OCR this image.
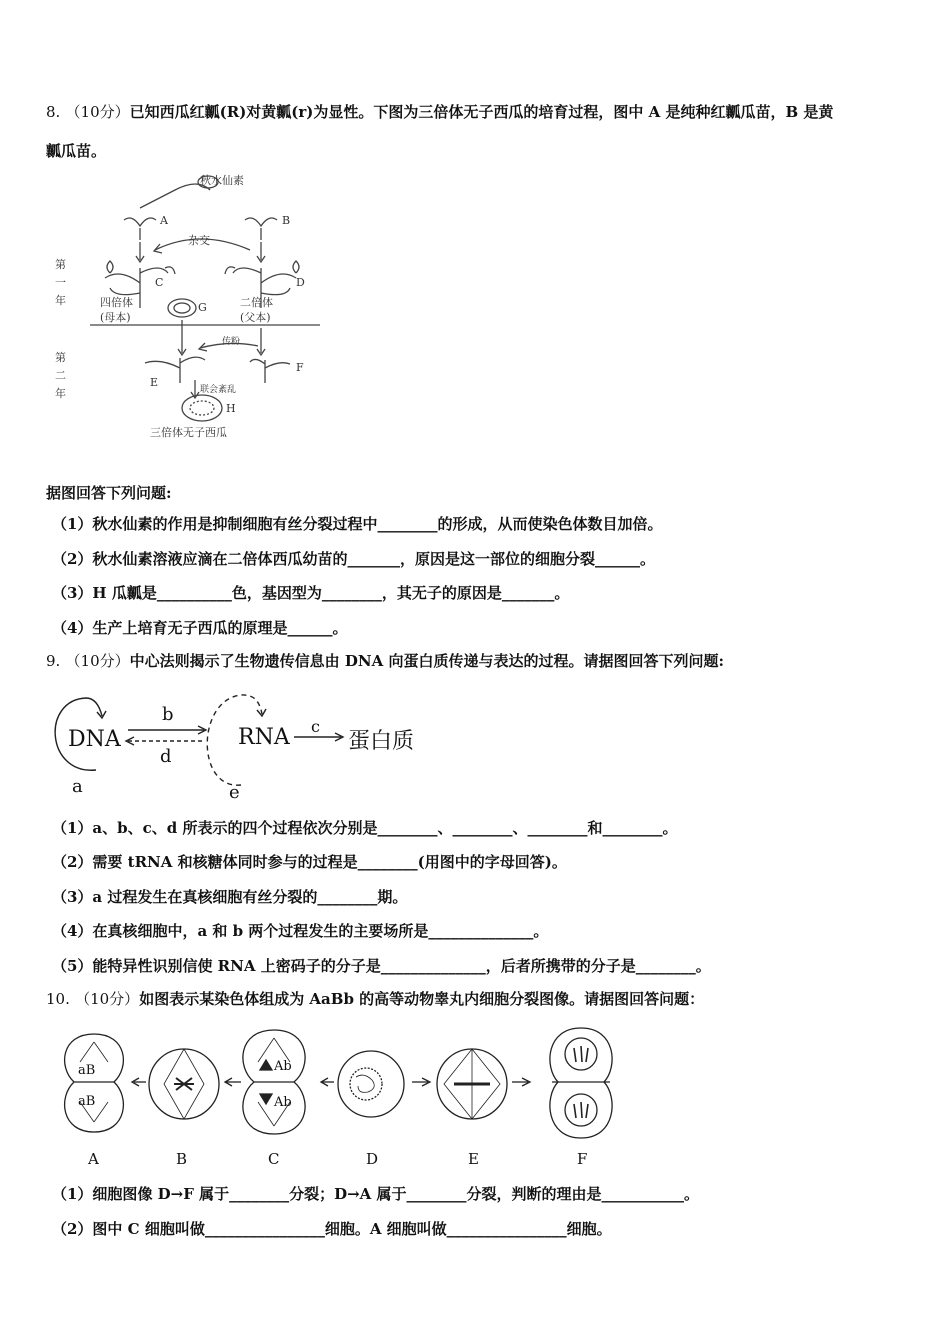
8. （10分）已知西瓜红瓤(R)对黄瓤(r)为显性。下图为三倍体无子西瓜的培育过程，图中 A 是纯种红瓤瓜苗，B 是黄
瓤瓜苗。
秋水仙素
A	B
杂交
C	D
G
四倍体
(母本)
二倍体
(父本)
第
一
年
第
二
年
传粉
E
F
联会紊乱
H
三倍体无子西瓜
据图回答下列问题:
（1）秋水仙素的作用是抑制细胞有丝分裂过程中________的形成，从而使染色体数目加倍。
（2）秋水仙素溶液应滴在二倍体西瓜幼苗的_______，原因是这一部位的细胞分裂______。
（3）H 瓜瓤是__________色，基因型为________，其无子的原因是_______。
（4）生产上培育无子西瓜的原理是______。
9. （10分）中心法则揭示了生物遗传信息由 DNA 向蛋白质传递与表达的过程。请据图回答下列问题:
DNA	RNA	蛋白质
b
d
c
a	e
（1）a、b、c、d 所表示的四个过程依次分别是________、________、________和________。
（2）需要 tRNA 和核糖体同时参与的过程是________(用图中的字母回答)。
（3）a 过程发生在真核细胞有丝分裂的________期。
（4）在真核细胞中，a 和 b 两个过程发生的主要场所是______________。
（5）能特异性识别信使 RNA 上密码子的分子是______________，后者所携带的分子是________。
10. （10分）如图表示某染色体组成为 AaBb 的高等动物睾丸内细胞分裂图像。请据图回答问题：
aB
aB
Ab
Ab
A	B	C	D	E	F
（1）细胞图像 D→F 属于________分裂；D→A 属于________分裂，判断的理由是___________。
（2）图中 C 细胞叫做________________细胞。A 细胞叫做________________细胞。
